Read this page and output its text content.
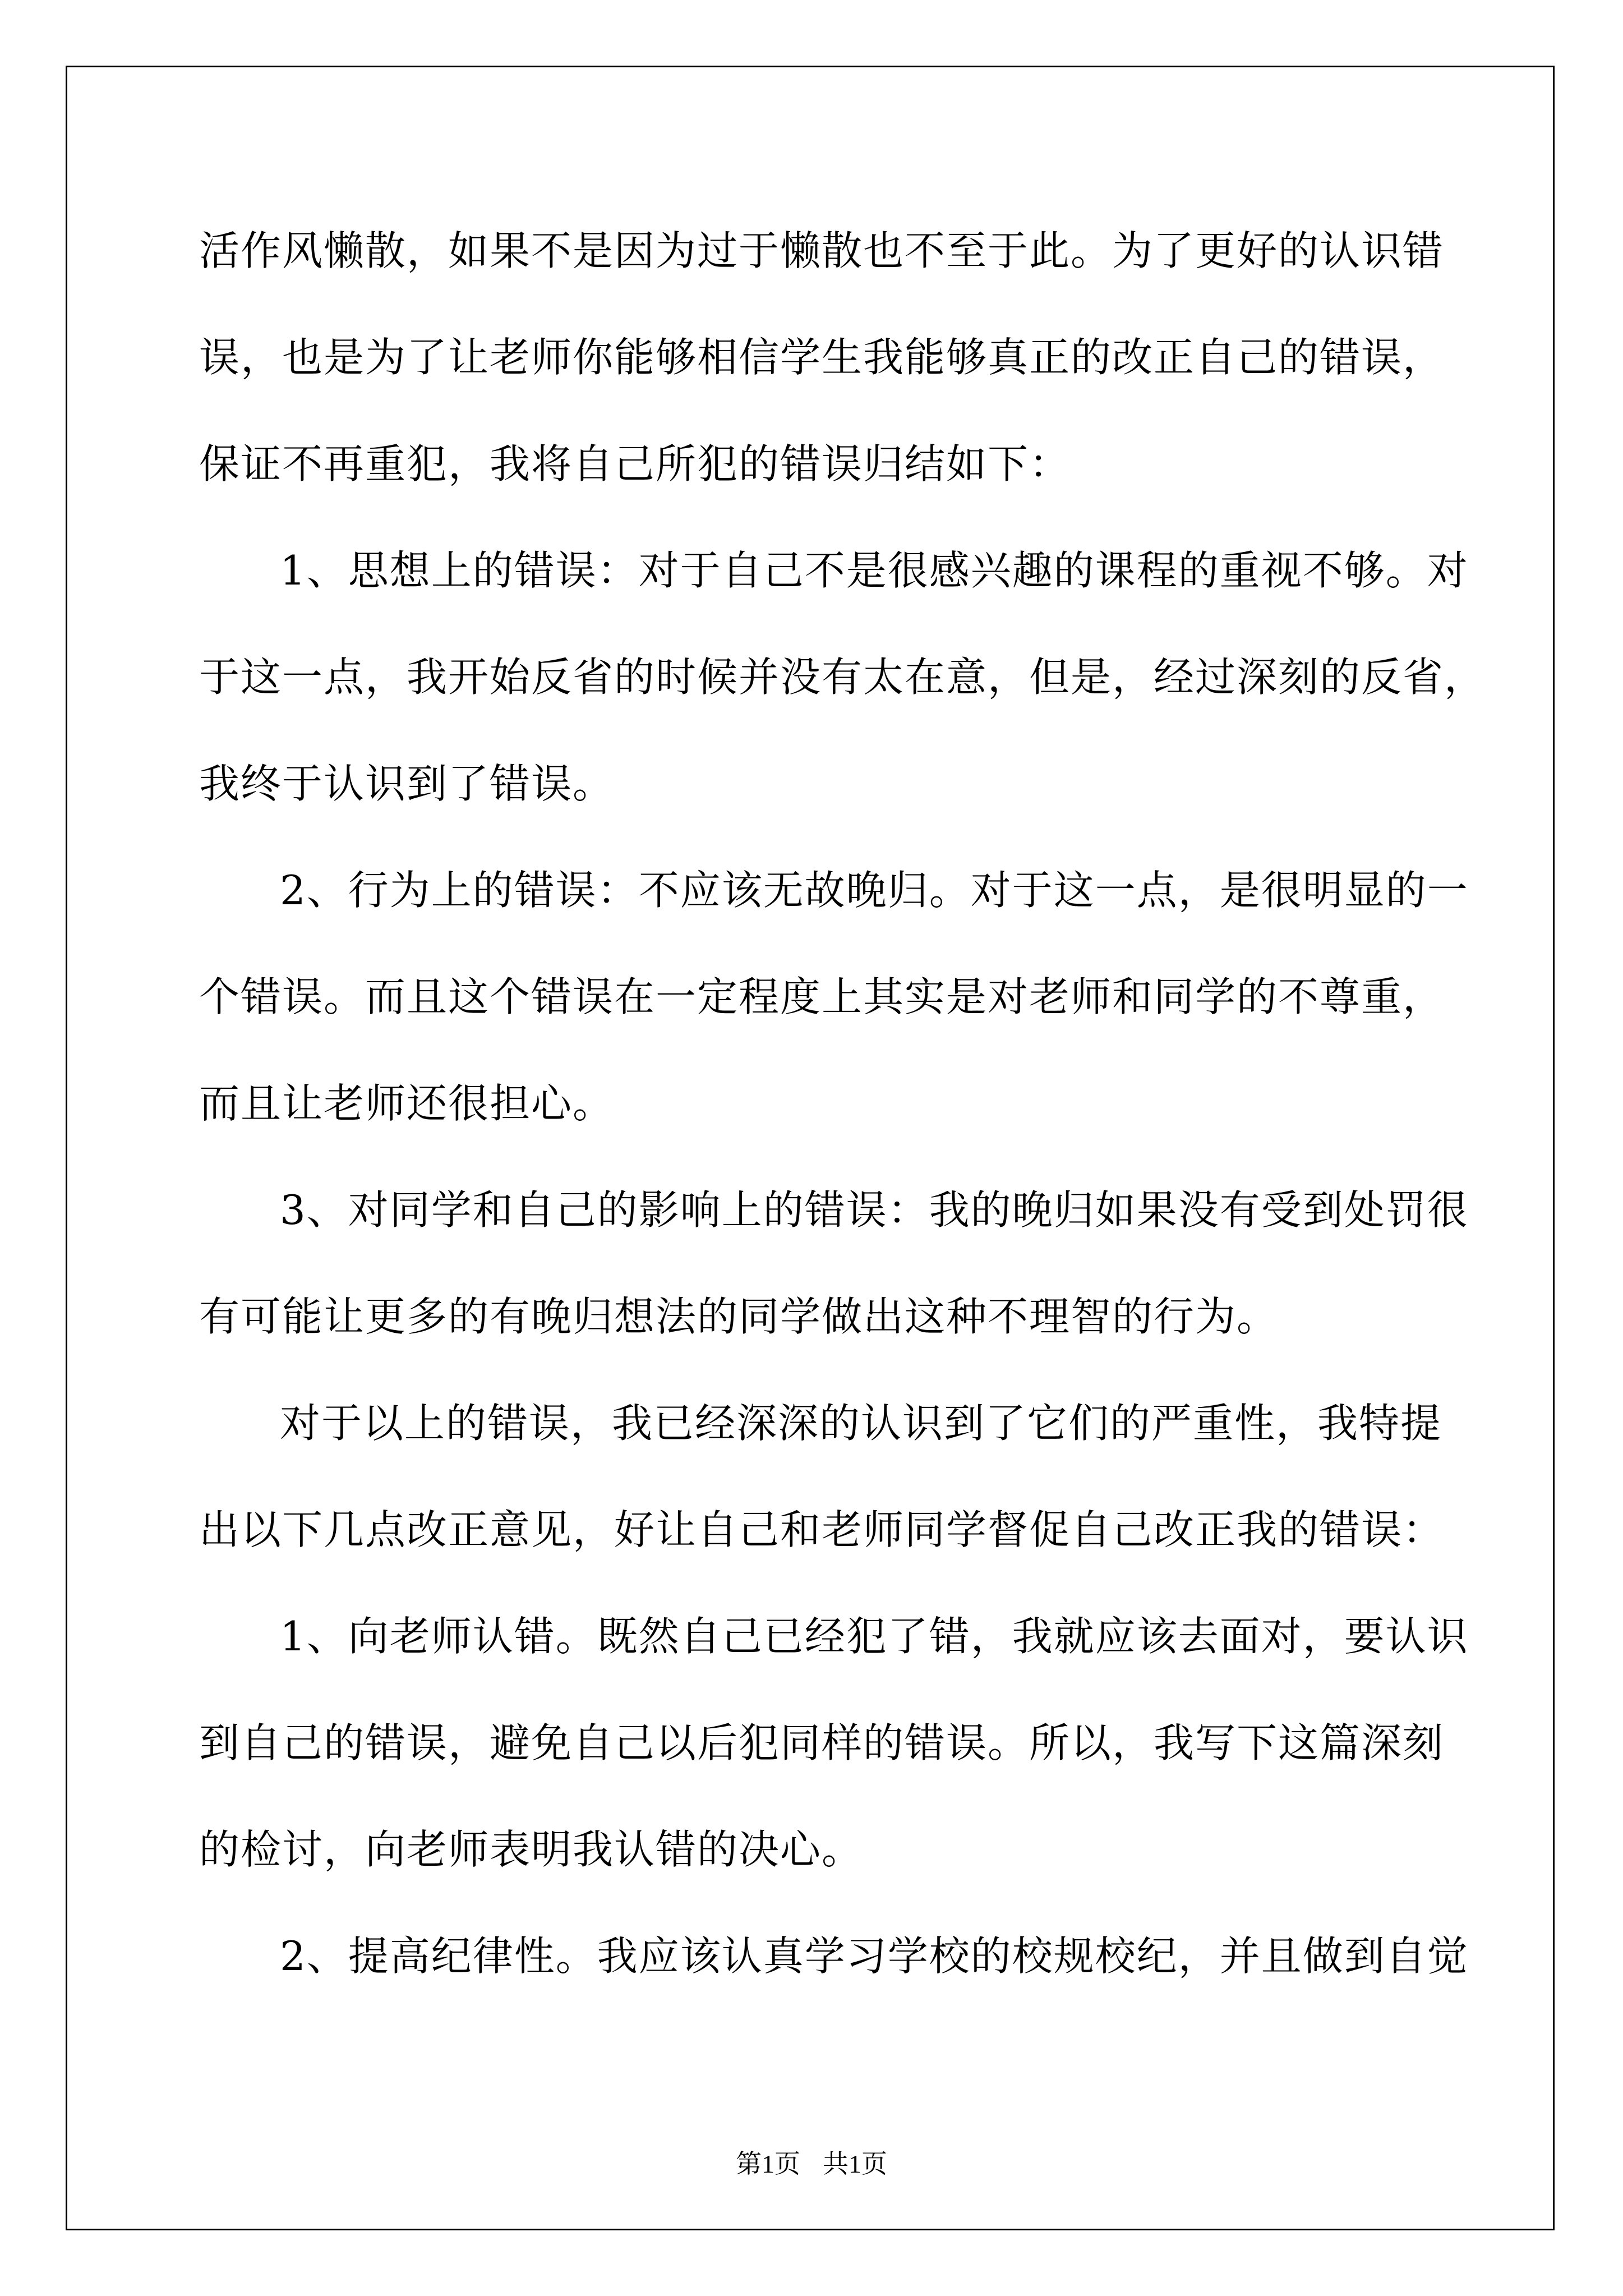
活作风懒散，如果不是因为过于懒散也不至于此。为了更好的认识错
误，也是为了让老师你能够相信学生我能够真正的改正自己的错误，
保证不再重犯，我将自己所犯的错误归结如下：
1、思想上的错误：对于自己不是很感兴趣的课程的重视不够。对
于这一点，我开始反省的时候并没有太在意，但是，经过深刻的反省，
我终于认识到了错误。
2、行为上的错误：不应该无故晚归。对于这一点，是很明显的一
个错误。而且这个错误在一定程度上其实是对老师和同学的不尊重，
而且让老师还很担心。
3、对同学和自己的影响上的错误：我的晚归如果没有受到处罚很
有可能让更多的有晚归想法的同学做出这种不理智的行为。
对于以上的错误，我已经深深的认识到了它们的严重性，我特提
出以下几点改正意见，好让自己和老师同学督促自己改正我的错误：
1、向老师认错。既然自己已经犯了错，我就应该去面对，要认识
到自己的错误，避免自己以后犯同样的错误。所以，我写下这篇深刻
的检讨，向老师表明我认错的决心。
2、提高纪律性。我应该认真学习学校的校规校纪，并且做到自觉
第1页 共1页
